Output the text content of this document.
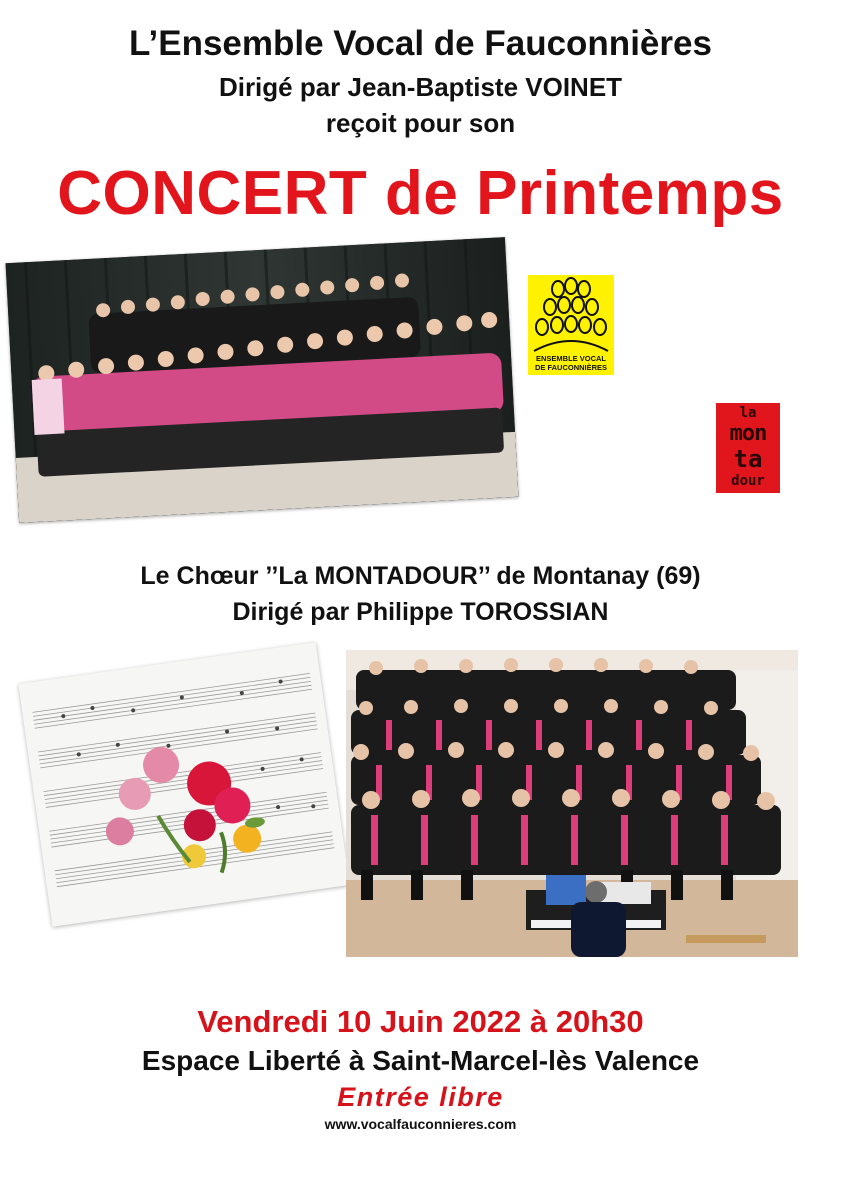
L’Ensemble Vocal de Fauconnières
Dirigé par Jean-Baptiste VOINET
reçoit pour son
CONCERT de Printemps
ENSEMBLE VOCAL
DE FAUCONNIÈRES
la
mon
ta
dour
Le Chœur ’’La MONTADOUR’’ de Montanay (69)
Dirigé par Philippe TOROSSIAN
Vendredi 10 Juin 2022 à 20h30
Espace Liberté à Saint-Marcel-lès Valence
Entrée libre
www.vocalfauconnieres.com
